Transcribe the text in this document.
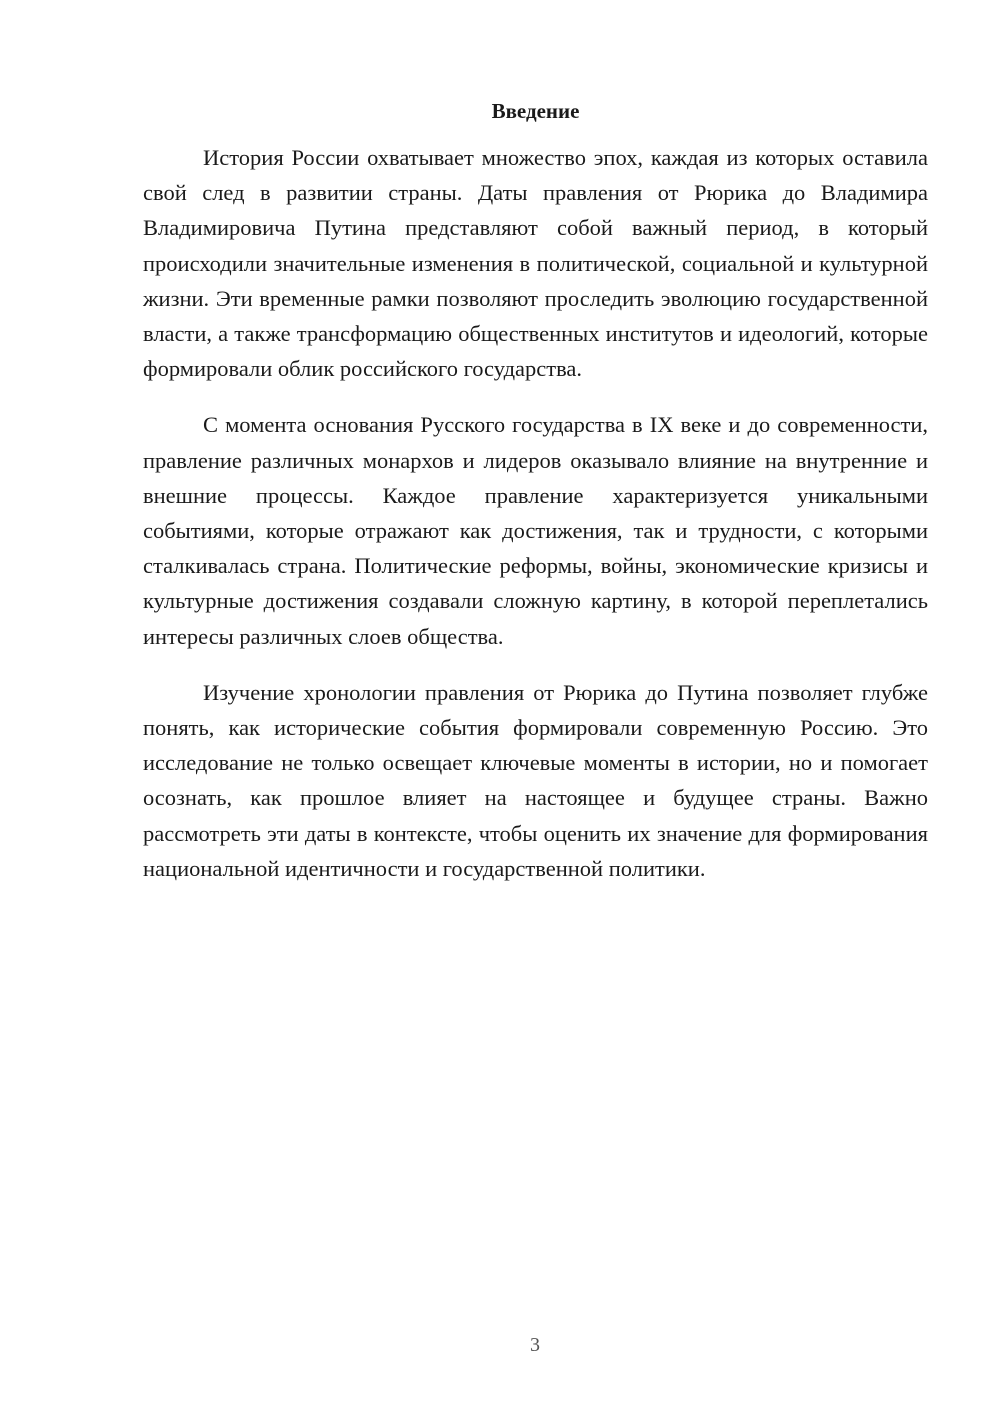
Введение

История России охватывает множество эпох, каждая из которых оставила свой след в развитии страны. Даты правления от Рюрика до Владимира Владимировича Путина представляют собой важный период, в который происходили значительные изменения в политической, социальной и культурной жизни. Эти временные рамки позволяют проследить эволюцию государственной власти, а также трансформацию общественных институтов и идеологий, которые формировали облик российского государства.

С момента основания Русского государства в IX веке и до современности, правление различных монархов и лидеров оказывало влияние на внутренние и внешние процессы. Каждое правление характеризуется уникальными событиями, которые отражают как достижения, так и трудности, с которыми сталкивалась страна. Политические реформы, войны, экономические кризисы и культурные достижения создавали сложную картину, в которой переплетались интересы различных слоев общества.

Изучение хронологии правления от Рюрика до Путина позволяет глубже понять, как исторические события формировали современную Россию. Это исследование не только освещает ключевые моменты в истории, но и помогает осознать, как прошлое влияет на настоящее и будущее страны. Важно рассмотреть эти даты в контексте, чтобы оценить их значение для формирования национальной идентичности и государственной политики.

3
